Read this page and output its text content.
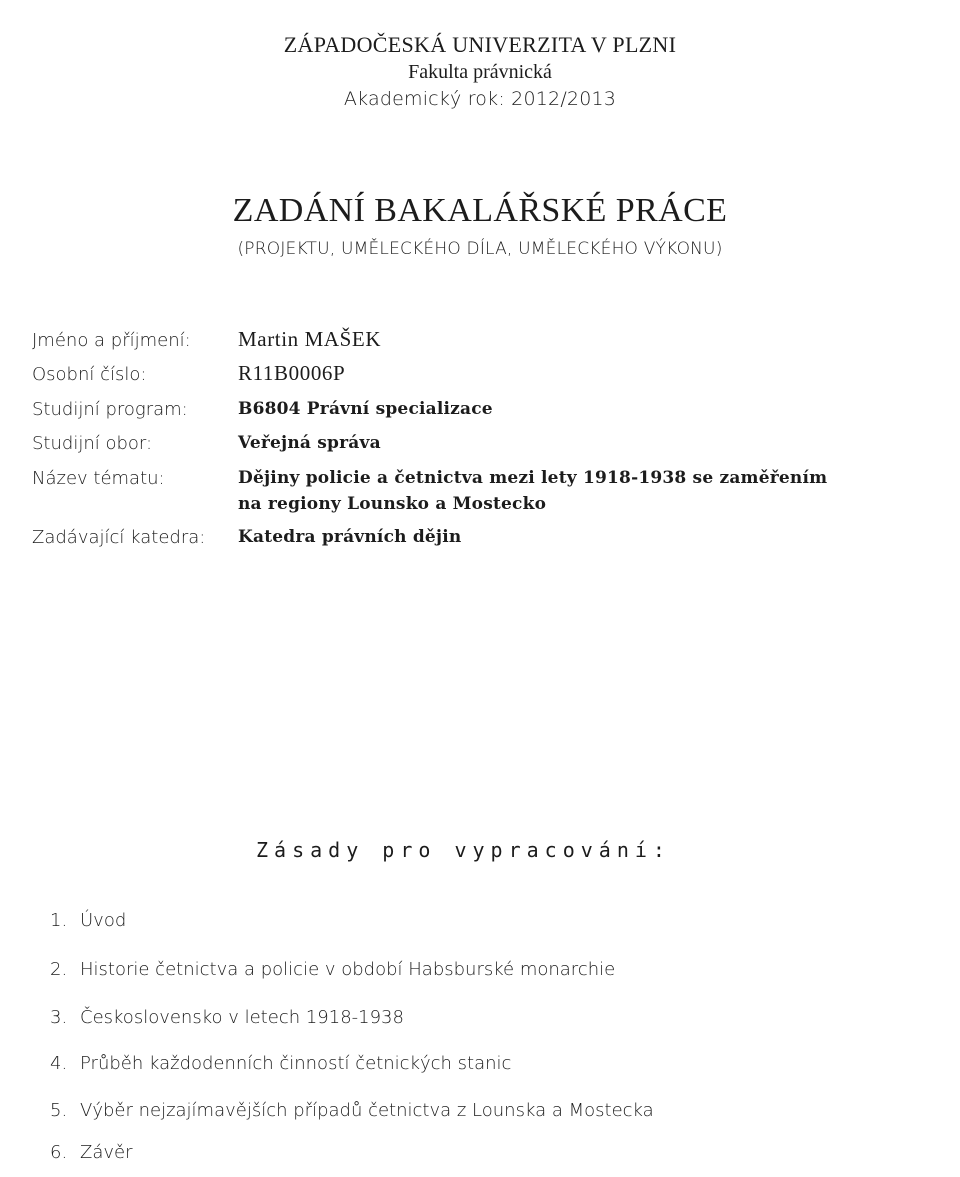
ZÁPADOČESKÁ UNIVERZITA V PLZNI
Fakulta právnická
Akademický rok: 2012/2013
ZADÁNÍ BAKALÁŘSKÉ PRÁCE
(PROJEKTU, UMĚLECKÉHO DÍLA, UMĚLECKÉHO VÝKONU)
Jméno a příjmení: Martin MAŠEK
Osobní číslo:	R11B0006P
Studijní program:	B6804 Právní specializace
Studijní obor:	Veřejná správa
Název tématu:	Dějiny policie a četnictva mezi lety 1918-1938 se zaměřením
na regiony Lounsko a Mostecko
Zadávající katedra: Katedra právních dějin
Zásady pro vypracování:
1. Úvod
2. Historie četnictva a policie v období Habsburské monarchie
3. Československo v letech 1918-1938
4. Průběh každodenních činností četnických stanic
5. Výběr nejzajímavějších případů četnictva z Lounska a Mostecka
6. Závěr
